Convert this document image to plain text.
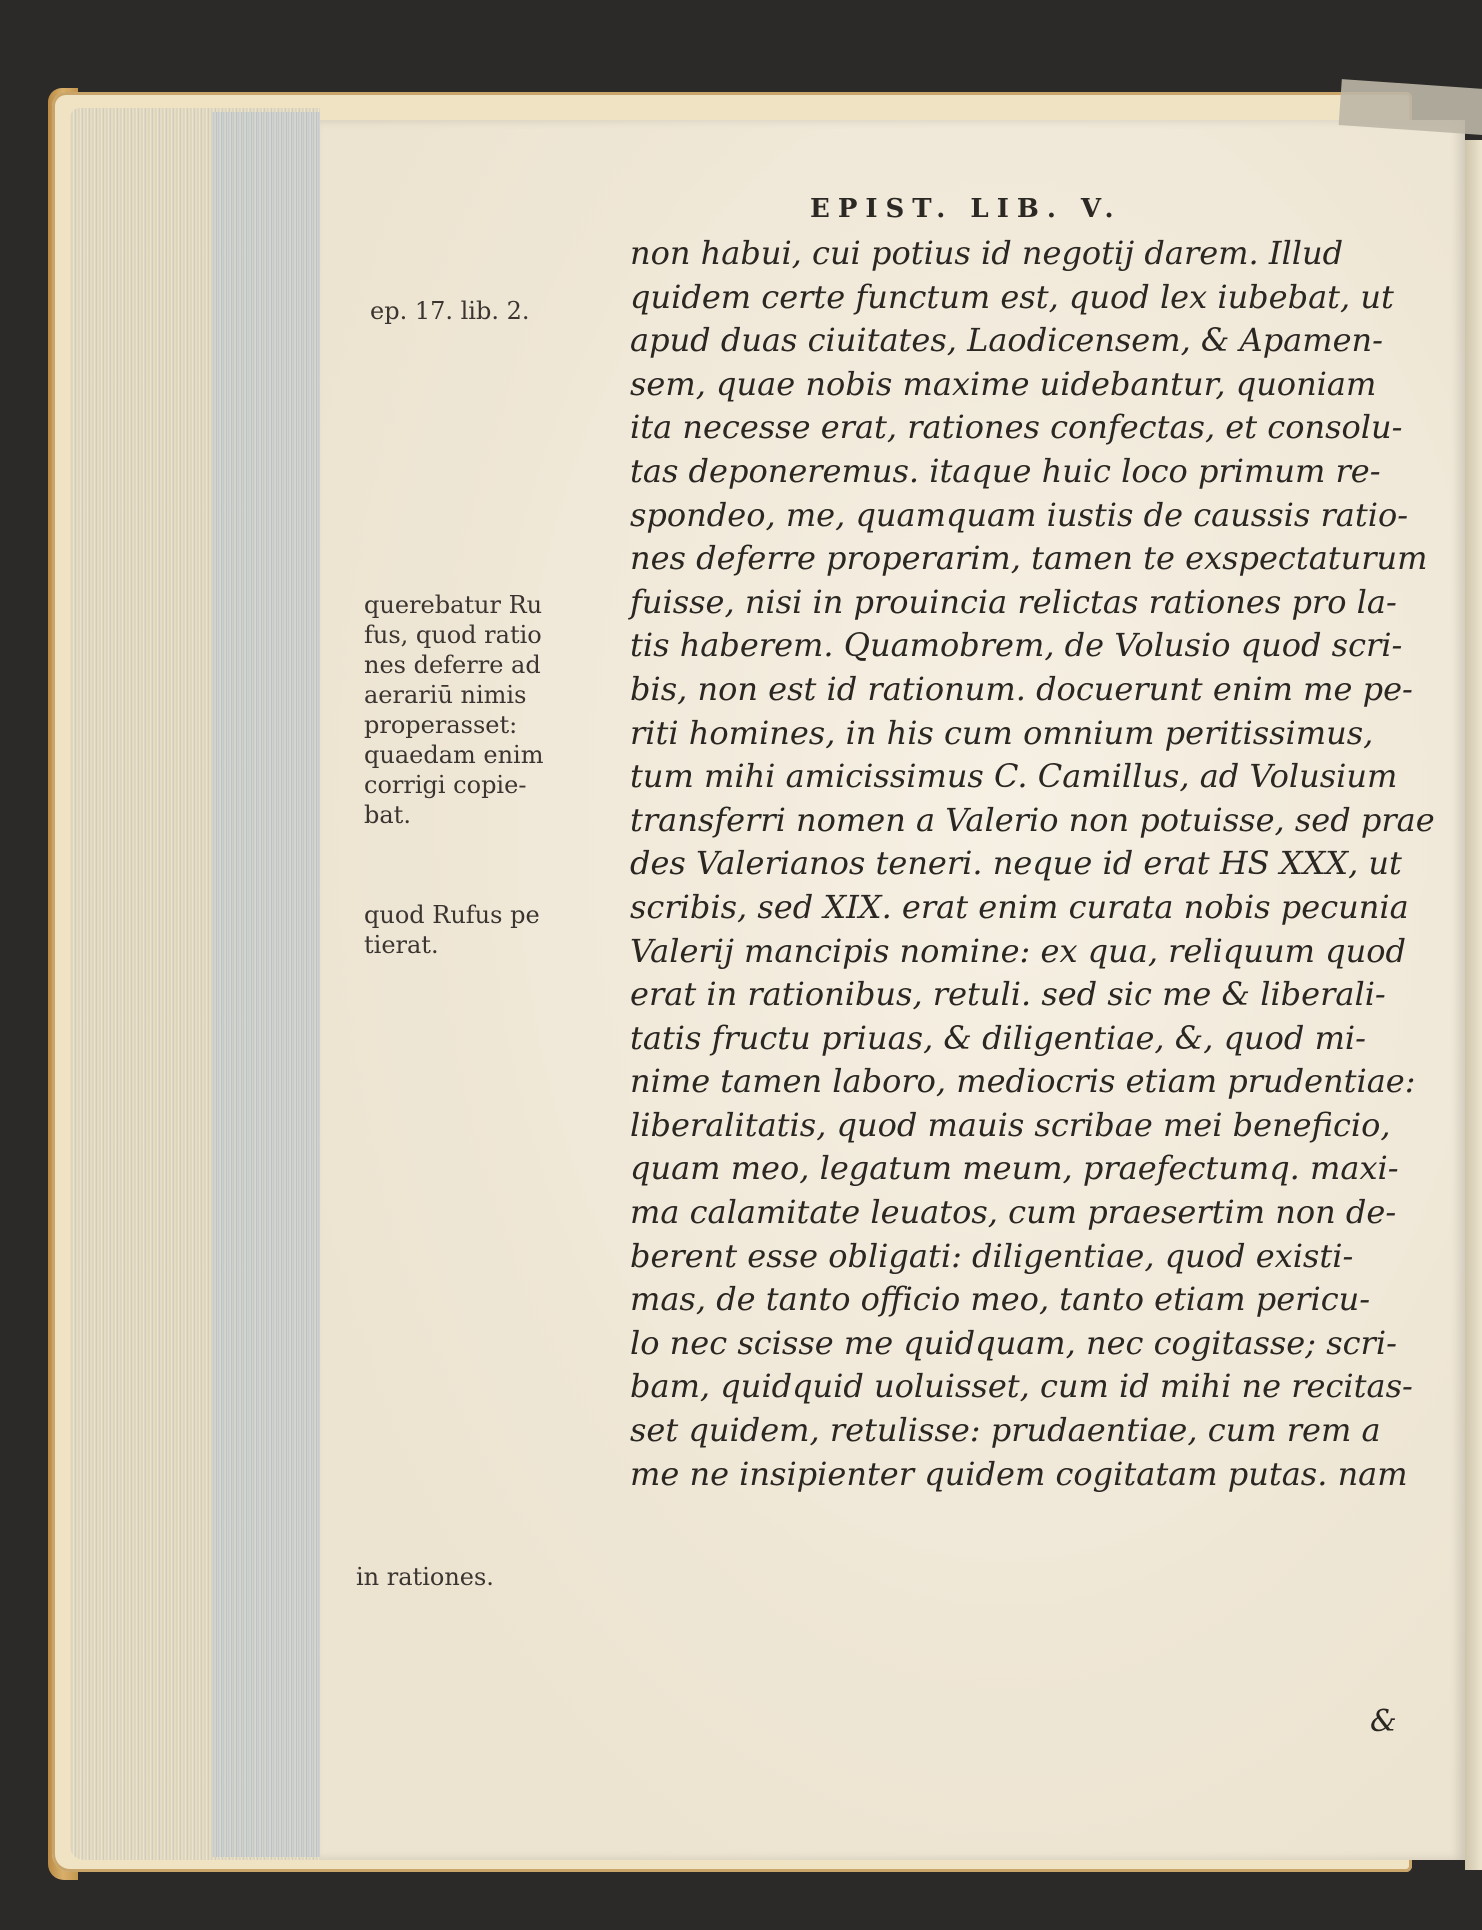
EPIST. LIB. V.
non habui, cui potius id negotij darem. Illud
quidem certe functum est, quod lex iubebat, ut
apud duas ciuitates, Laodicensem, & Apamen-
sem, quae nobis maxime uidebantur, quoniam
ita necesse erat, rationes confectas, et consolu-
tas deponeremus. itaque huic loco primum re-
spondeo, me, quamquam iustis de caussis ratio-
nes deferre properarim, tamen te exspectaturum
fuisse, nisi in prouincia relictas rationes pro la-
tis haberem. Quamobrem, de Volusio quod scri-
bis, non est id rationum. docuerunt enim me pe-
riti homines, in his cum omnium peritissimus,
tum mihi amicissimus C. Camillus, ad Volusium
transferri nomen a Valerio non potuisse, sed prae
des Valerianos teneri. neque id erat HS XXX, ut
scribis, sed XIX. erat enim curata nobis pecunia
Valerij mancipis nomine: ex qua, reliquum quod
erat in rationibus, retuli. sed sic me & liberali-
tatis fructu priuas, & diligentiae, &, quod mi-
nime tamen laboro, mediocris etiam prudentiae:
liberalitatis, quod mauis scribae mei beneficio,
quam meo, legatum meum, praefectumq. maxi-
ma calamitate leuatos, cum praesertim non de-
berent esse obligati: diligentiae, quod existi-
mas, de tanto officio meo, tanto etiam pericu-
lo nec scisse me quidquam, nec cogitasse; scri-
bam, quidquid uoluisset, cum id mihi ne recitas-
set quidem, retulisse: prudaentiae, cum rem a
me ne insipienter quidem cogitatam putas. nam
&
ep. 17. lib. 2.
querebatur Ru
fus, quod ratio
nes deferre ad
aerariū nimis
properasset:
quaedam enim
corrigi copie-
bat.
quod Rufus pe
tierat.
in rationes.
